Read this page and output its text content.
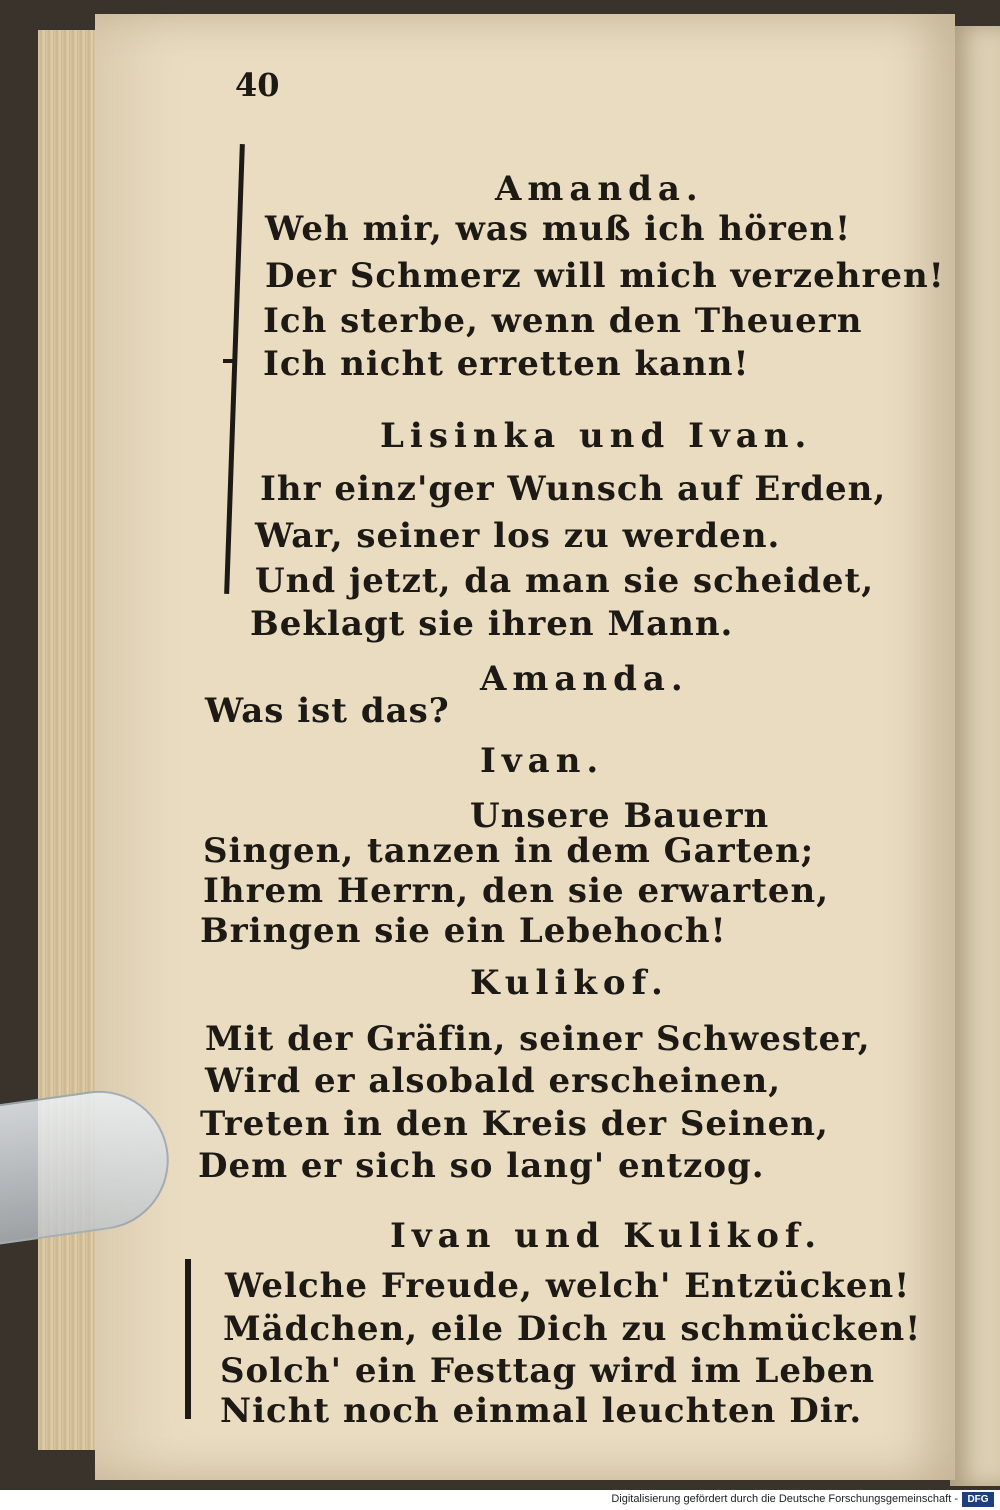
40
Amanda.
Weh mir, was muß ich hören!
Der Schmerz will mich verzehren!
Ich sterbe, wenn den Theuern
Ich nicht erretten kann!
Lisinka und Ivan.
Ihr einz'ger Wunsch auf Erden,
War, seiner los zu werden.
Und jetzt, da man sie scheidet,
Beklagt sie ihren Mann.
Amanda.
Was ist das?
Ivan.
Unsere Bauern
Singen, tanzen in dem Garten;
Ihrem Herrn, den sie erwarten,
Bringen sie ein Lebehoch!
Kulikof.
Mit der Gräfin, seiner Schwester,
Wird er alsobald erscheinen,
Treten in den Kreis der Seinen,
Dem er sich so lang' entzog.
Ivan und Kulikof.
Welche Freude, welch' Entzücken!
Mädchen, eile Dich zu schmücken!
Solch' ein Festtag wird im Leben
Nicht noch einmal leuchten Dir.
Digitalisierung gefördert durch die Deutsche Forschungsgemeinschaft - DFG
